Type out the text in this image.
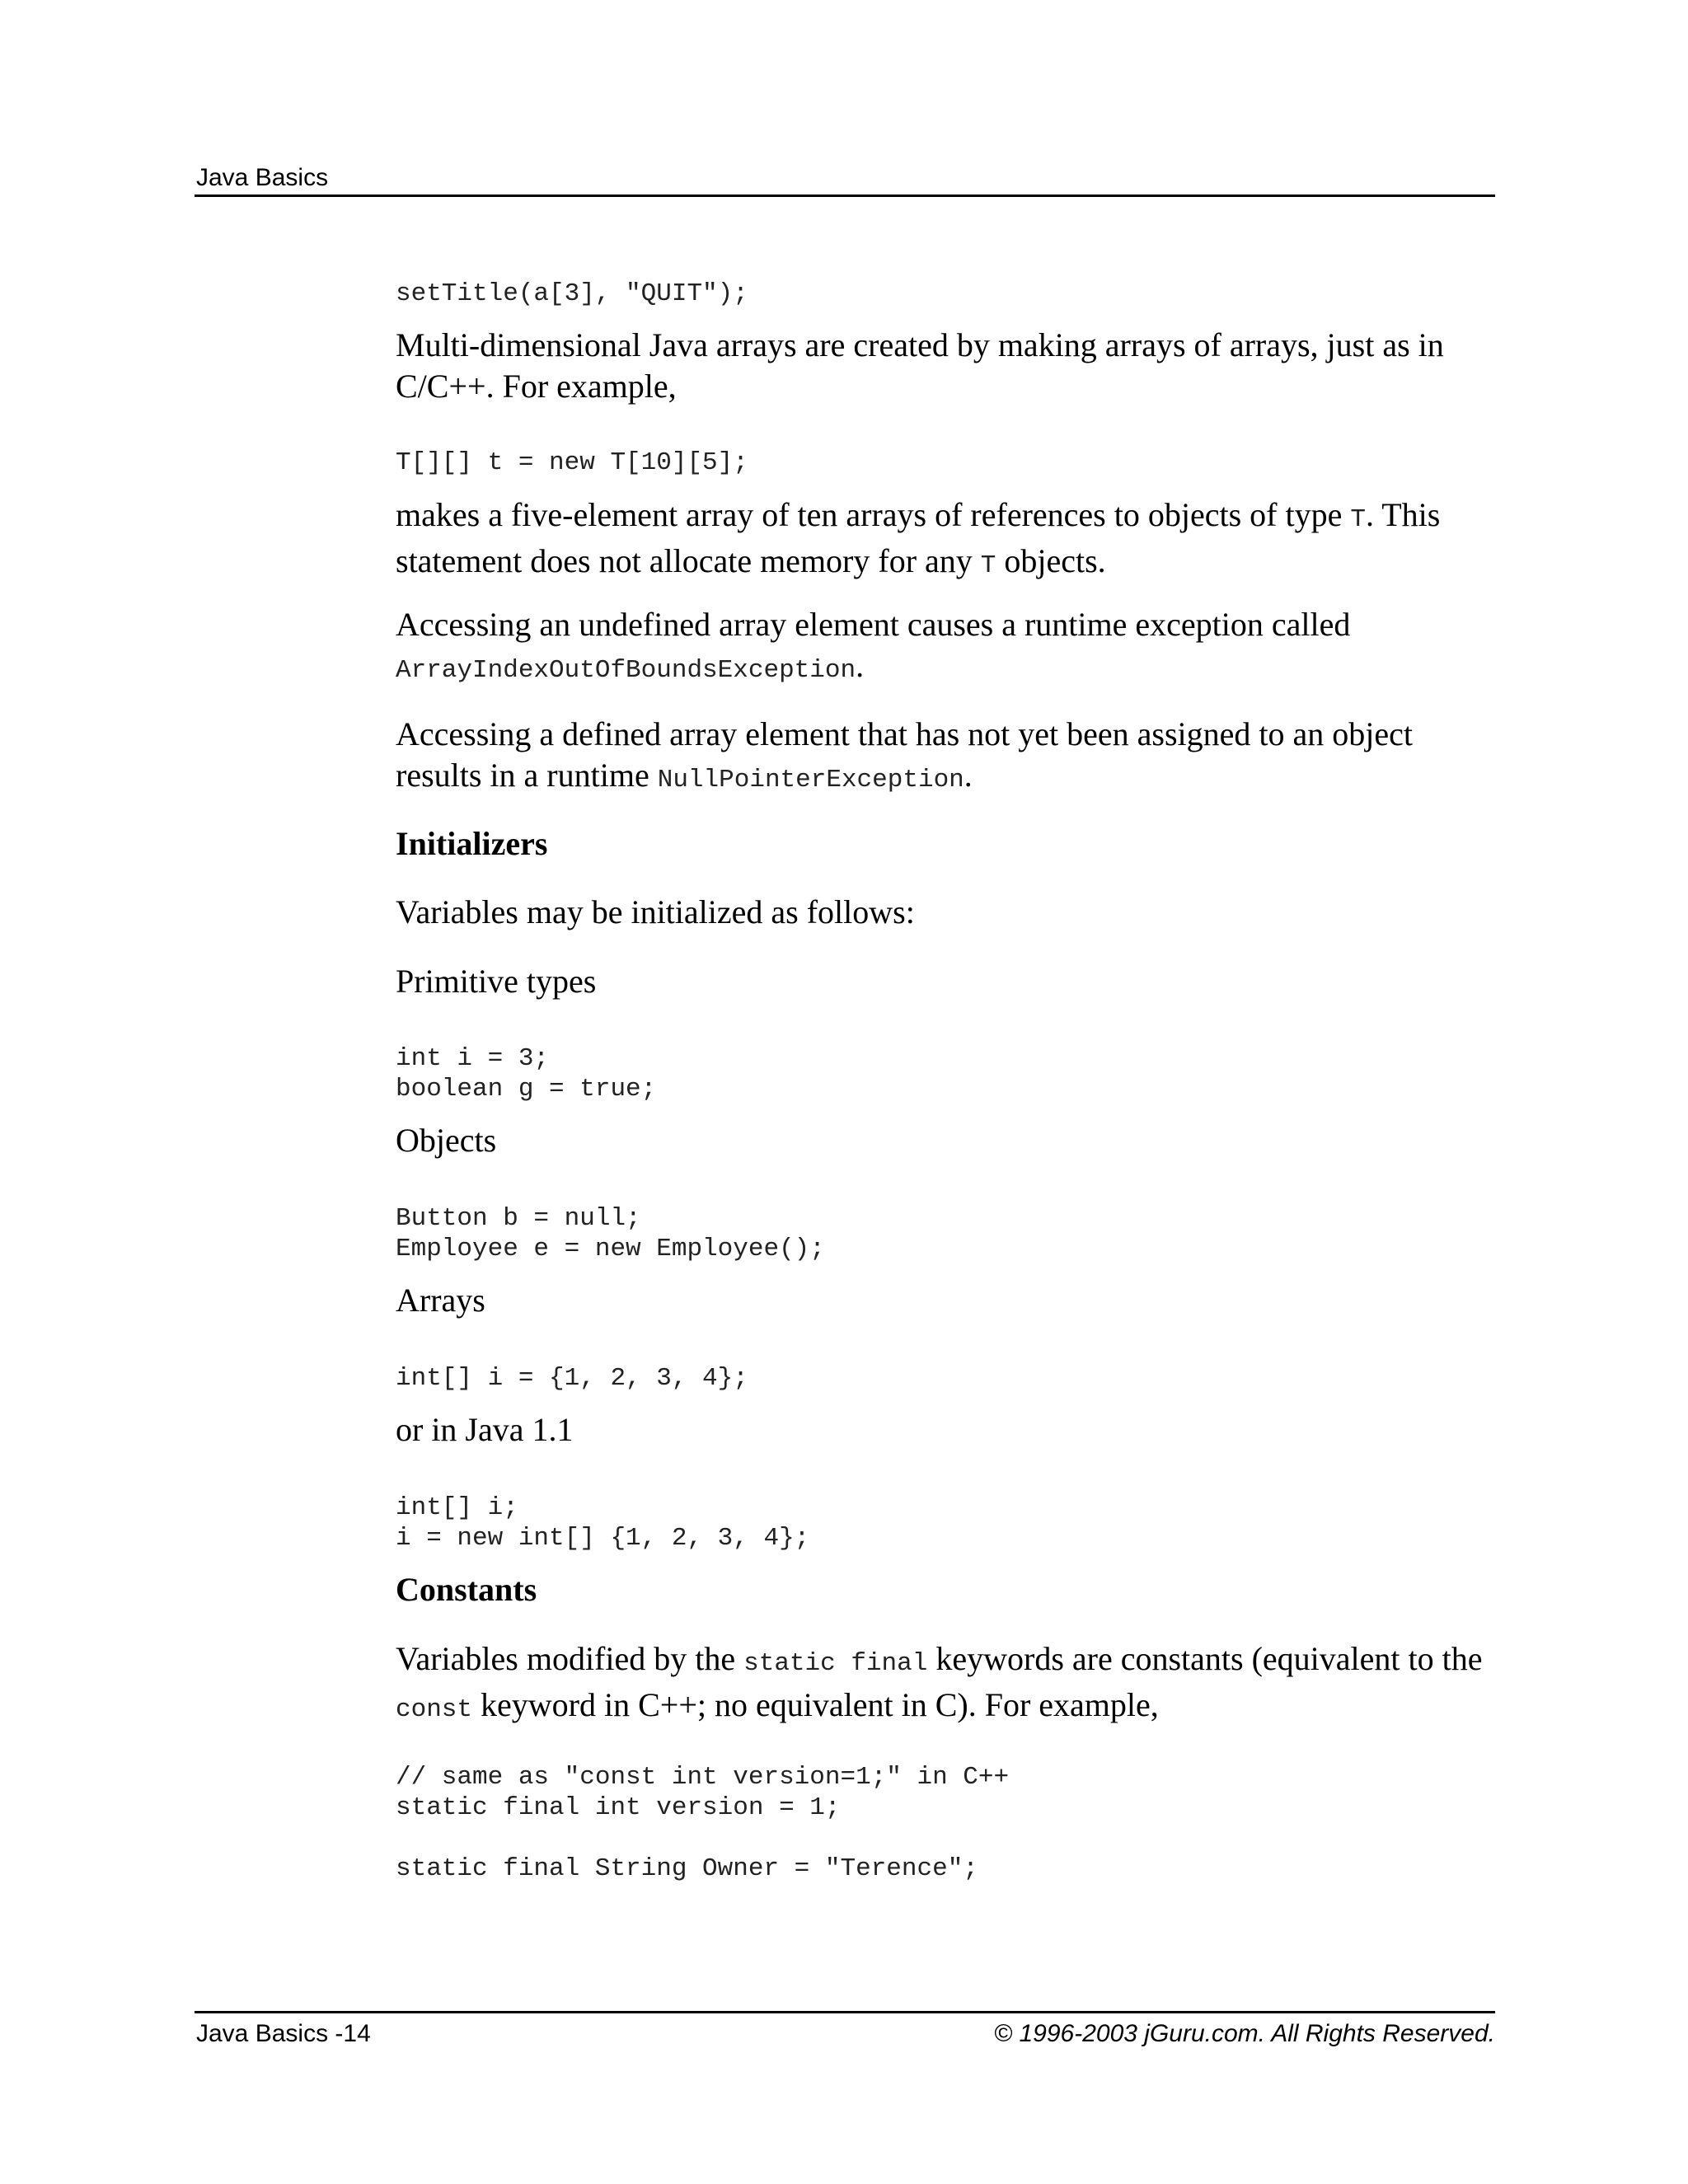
Java Basics
setTitle(a[3], "QUIT");
Multi-dimensional Java arrays are created by making arrays of arrays, just as in C/C++. For example,
T[][] t = new T[10][5];
makes a five-element array of ten arrays of references to objects of type T. This statement does not allocate memory for any T objects.
Accessing an undefined array element causes a runtime exception called ArrayIndexOutOfBoundsException.
Accessing a defined array element that has not yet been assigned to an object results in a runtime NullPointerException.
Initializers
Variables may be initialized as follows:
Primitive types
int i = 3;
boolean g = true;
Objects
Button b = null;
Employee e = new Employee();
Arrays
int[] i = {1, 2, 3, 4};
or in Java 1.1
int[] i;
i = new int[] {1, 2, 3, 4};
Constants
Variables modified by the static final keywords are constants (equivalent to the const keyword in C++; no equivalent in C). For example,
// same as "const int version=1;" in C++
static final int version = 1;

static final String Owner = "Terence";
Java Basics -14	© 1996-2003 jGuru.com. All Rights Reserved.
